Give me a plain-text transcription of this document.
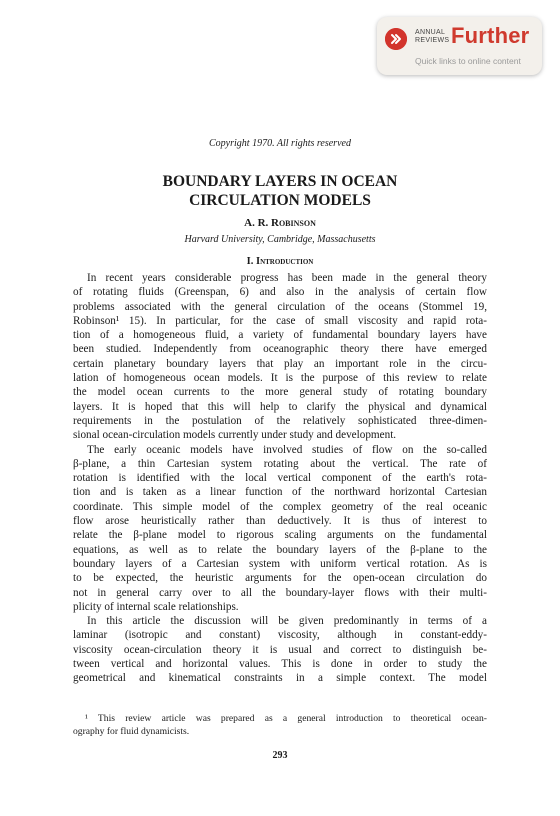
ANNUAL
REVIEWS Further
Quick links to online content
Copyright 1970. All rights reserved
BOUNDARY LAYERS IN OCEAN
CIRCULATION MODELS
A. R. Robinson
Harvard University, Cambridge, Massachusetts
I. Introduction
In recent years considerable progress has been made in the general theory
of rotating fluids (Greenspan, 6) and also in the analysis of certain flow
problems associated with the general circulation of the oceans (Stommel 19,
Robinson¹ 15). In particular, for the case of small viscosity and rapid rota-
tion of a homogeneous fluid, a variety of fundamental boundary layers have
been studied. Independently from oceanographic theory there have emerged
certain planetary boundary layers that play an important role in the circu-
lation of homogeneous ocean models. It is the purpose of this review to relate
the model ocean currents to the more general study of rotating boundary
layers. It is hoped that this will help to clarify the physical and dynamical
requirements in the postulation of the relatively sophisticated three-dimen-
sional ocean-circulation models currently under study and development.
The early oceanic models have involved studies of flow on the so-called
β-plane, a thin Cartesian system rotating about the vertical. The rate of
rotation is identified with the local vertical component of the earth's rota-
tion and is taken as a linear function of the northward horizontal Cartesian
coordinate. This simple model of the complex geometry of the real oceanic
flow arose heuristically rather than deductively. It is thus of interest to
relate the β-plane model to rigorous scaling arguments on the fundamental
equations, as well as to relate the boundary layers of the β-plane to the
boundary layers of a Cartesian system with uniform vertical rotation. As is
to be expected, the heuristic arguments for the open-ocean circulation do
not in general carry over to all the boundary-layer flows with their multi-
plicity of internal scale relationships.
In this article the discussion will be given predominantly in terms of a
laminar (isotropic and constant) viscosity, although in constant-eddy-
viscosity ocean-circulation theory it is usual and correct to distinguish be-
tween vertical and horizontal values. This is done in order to study the
geometrical and kinematical constraints in a simple context. The model
¹ This review article was prepared as a general introduction to theoretical ocean-
ography for fluid dynamicists.
293
